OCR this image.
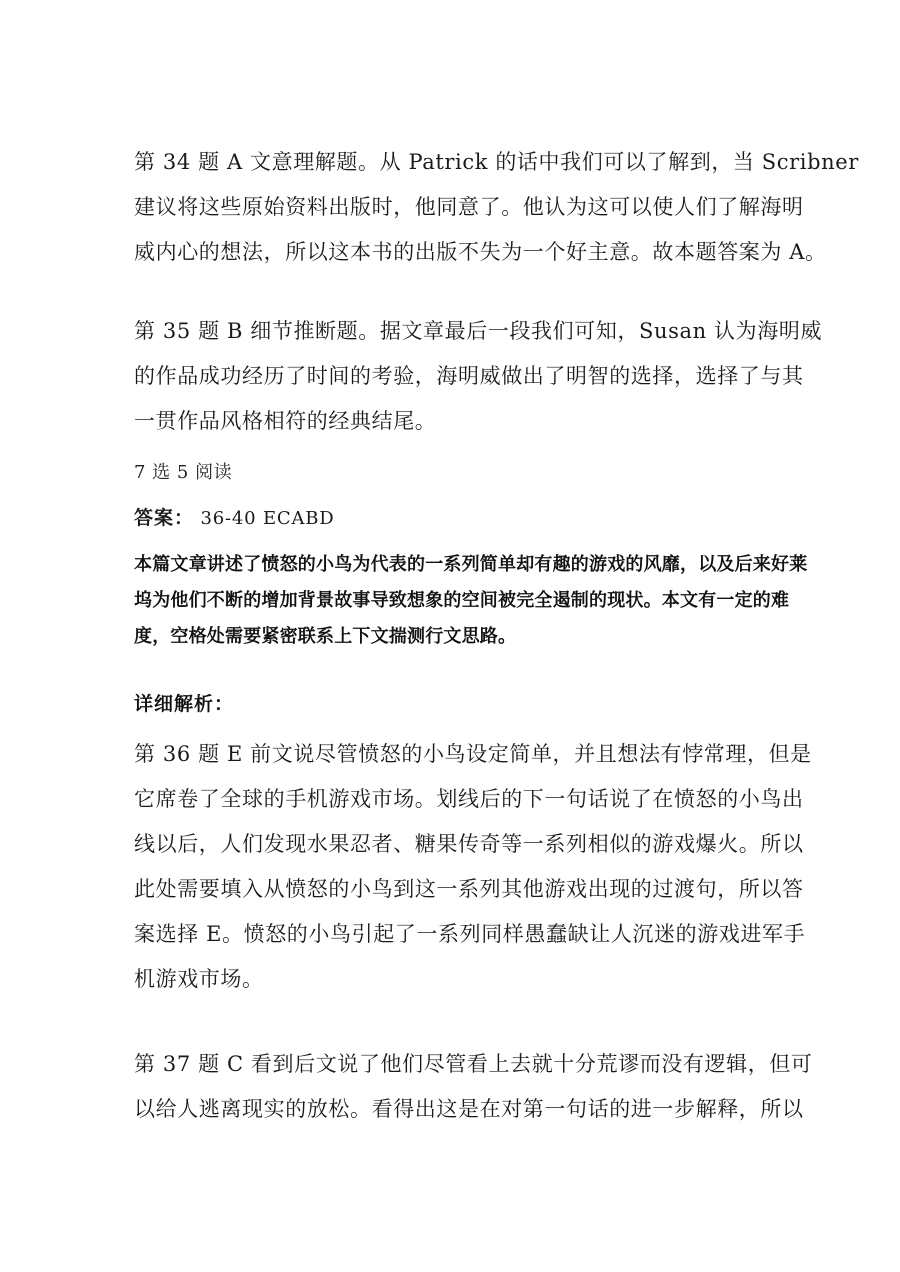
第 34 题 A 文意理解题。从 Patrick 的话中我们可以了解到，当 Scribner
建议将这些原始资料出版时，他同意了。他认为这可以使人们了解海明
威内心的想法，所以这本书的出版不失为一个好主意。故本题答案为 A。
第 35 题 B 细节推断题。据文章最后一段我们可知，Susan 认为海明威
的作品成功经历了时间的考验，海明威做出了明智的选择，选择了与其
一贯作品风格相符的经典结尾。

7 选 5 阅读

答案： 36-40 ECABD

本篇文章讲述了愤怒的小鸟为代表的一系列简单却有趣的游戏的风靡，以及后来好莱
坞为他们不断的增加背景故事导致想象的空间被完全遏制的现状。本文有一定的难
度，空格处需要紧密联系上下文揣测行文思路。

详细解析：

第 36 题 E 前文说尽管愤怒的小鸟设定简单，并且想法有悖常理，但是
它席卷了全球的手机游戏市场。划线后的下一句话说了在愤怒的小鸟出
线以后，人们发现水果忍者、糖果传奇等一系列相似的游戏爆火。所以
此处需要填入从愤怒的小鸟到这一系列其他游戏出现的过渡句，所以答
案选择 E。愤怒的小鸟引起了一系列同样愚蠢缺让人沉迷的游戏进军手
机游戏市场。
第 37 题 C 看到后文说了他们尽管看上去就十分荒谬而没有逻辑，但可
以给人逃离现实的放松。看得出这是在对第一句话的进一步解释，所以
